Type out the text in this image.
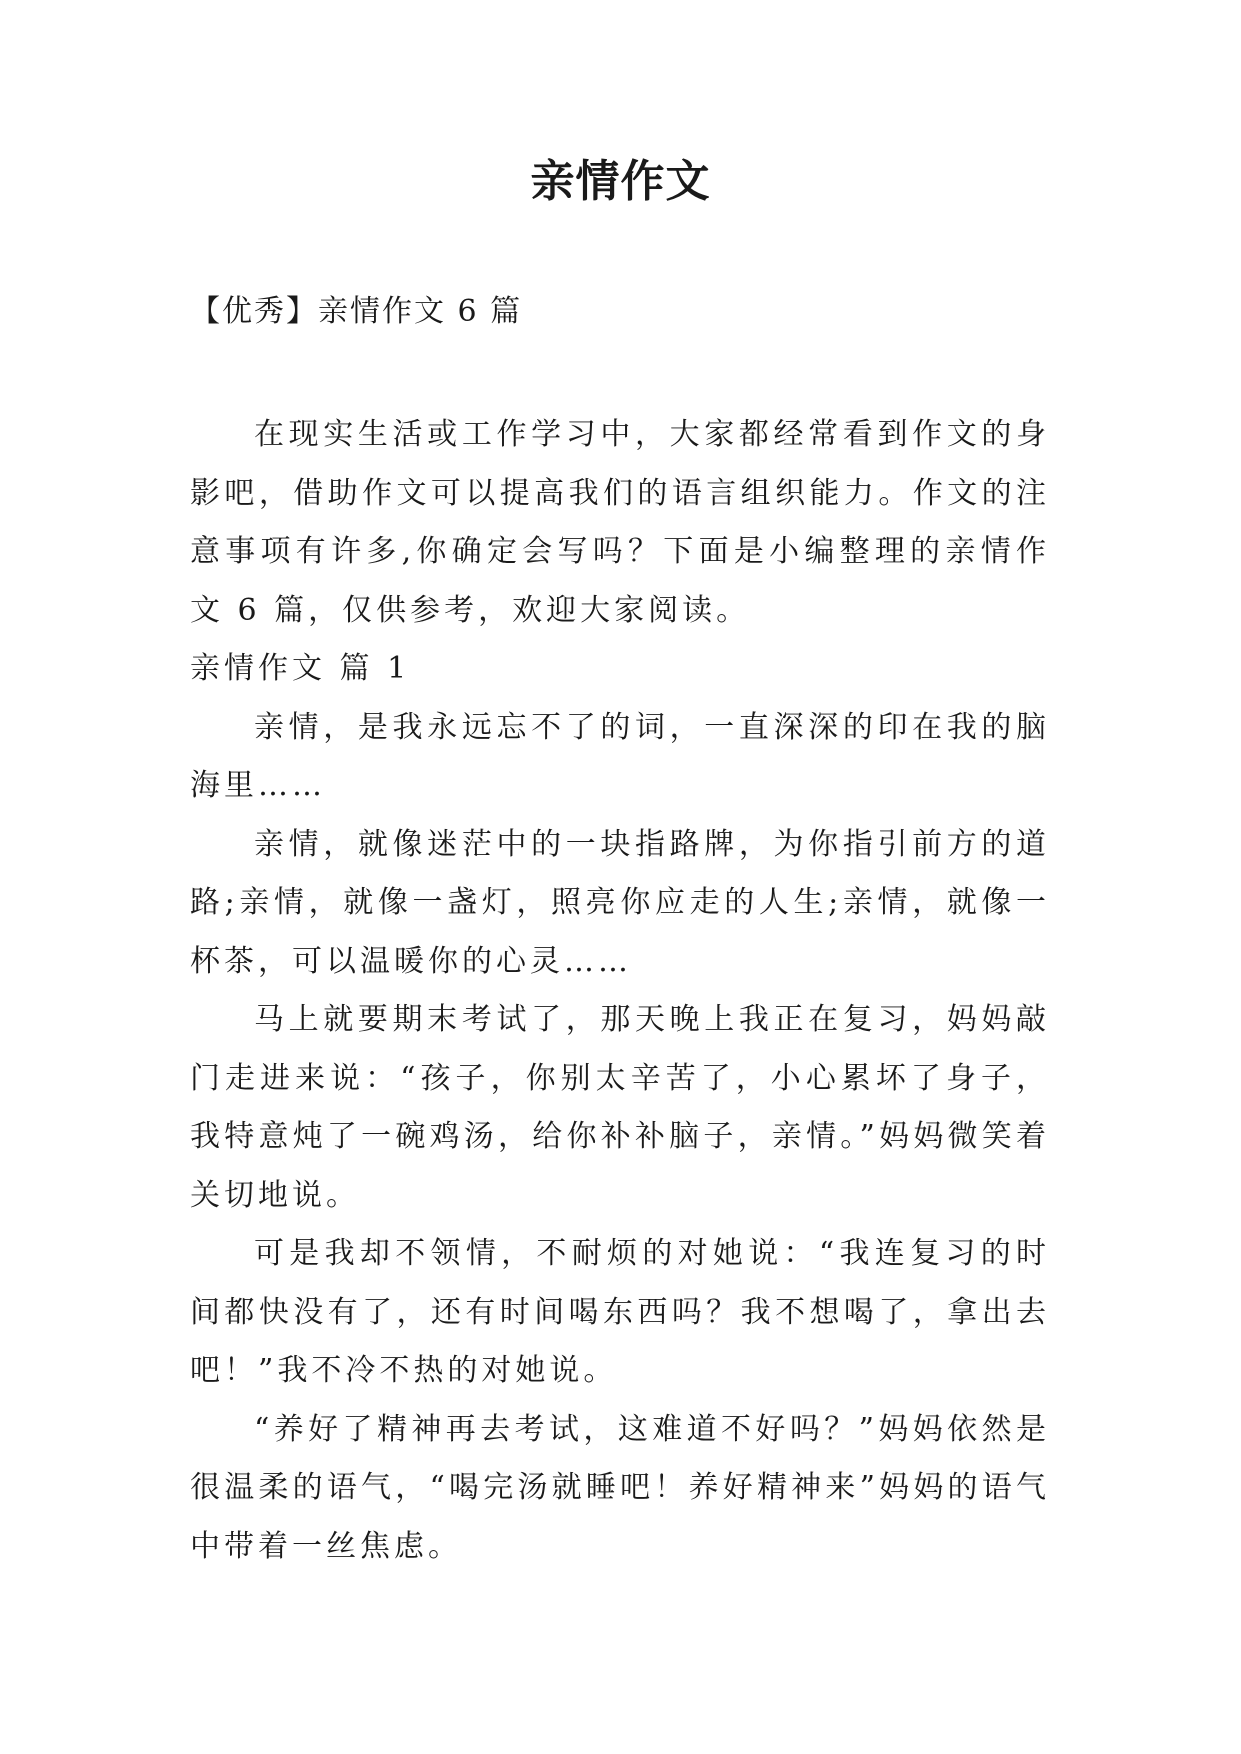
亲情作文
【优秀】亲情作文 6 篇

在现实生活或工作学习中，大家都经常看到作文的身影吧，借助作文可以提高我们的语言组织能力。作文的注意事项有许多,你确定会写吗？下面是小编整理的亲情作文 6 篇，仅供参考，欢迎大家阅读。

亲情作文 篇 1

亲情，是我永远忘不了的词，一直深深的印在我的脑海里……

亲情，就像迷茫中的一块指路牌，为你指引前方的道路;亲情，就像一盏灯，照亮你应走的人生;亲情，就像一杯茶，可以温暖你的心灵……

马上就要期末考试了，那天晚上我正在复习，妈妈敲门走进来说：“孩子，你别太辛苦了，小心累坏了身子，我特意炖了一碗鸡汤，给你补补脑子，亲情。”妈妈微笑着关切地说。

可是我却不领情，不耐烦的对她说：“我连复习的时间都快没有了，还有时间喝东西吗？我不想喝了，拿出去吧！”我不冷不热的对她说。

“养好了精神再去考试，这难道不好吗？”妈妈依然是很温柔的语气，“喝完汤就睡吧！养好精神来”妈妈的语气中带着一丝焦虑。
